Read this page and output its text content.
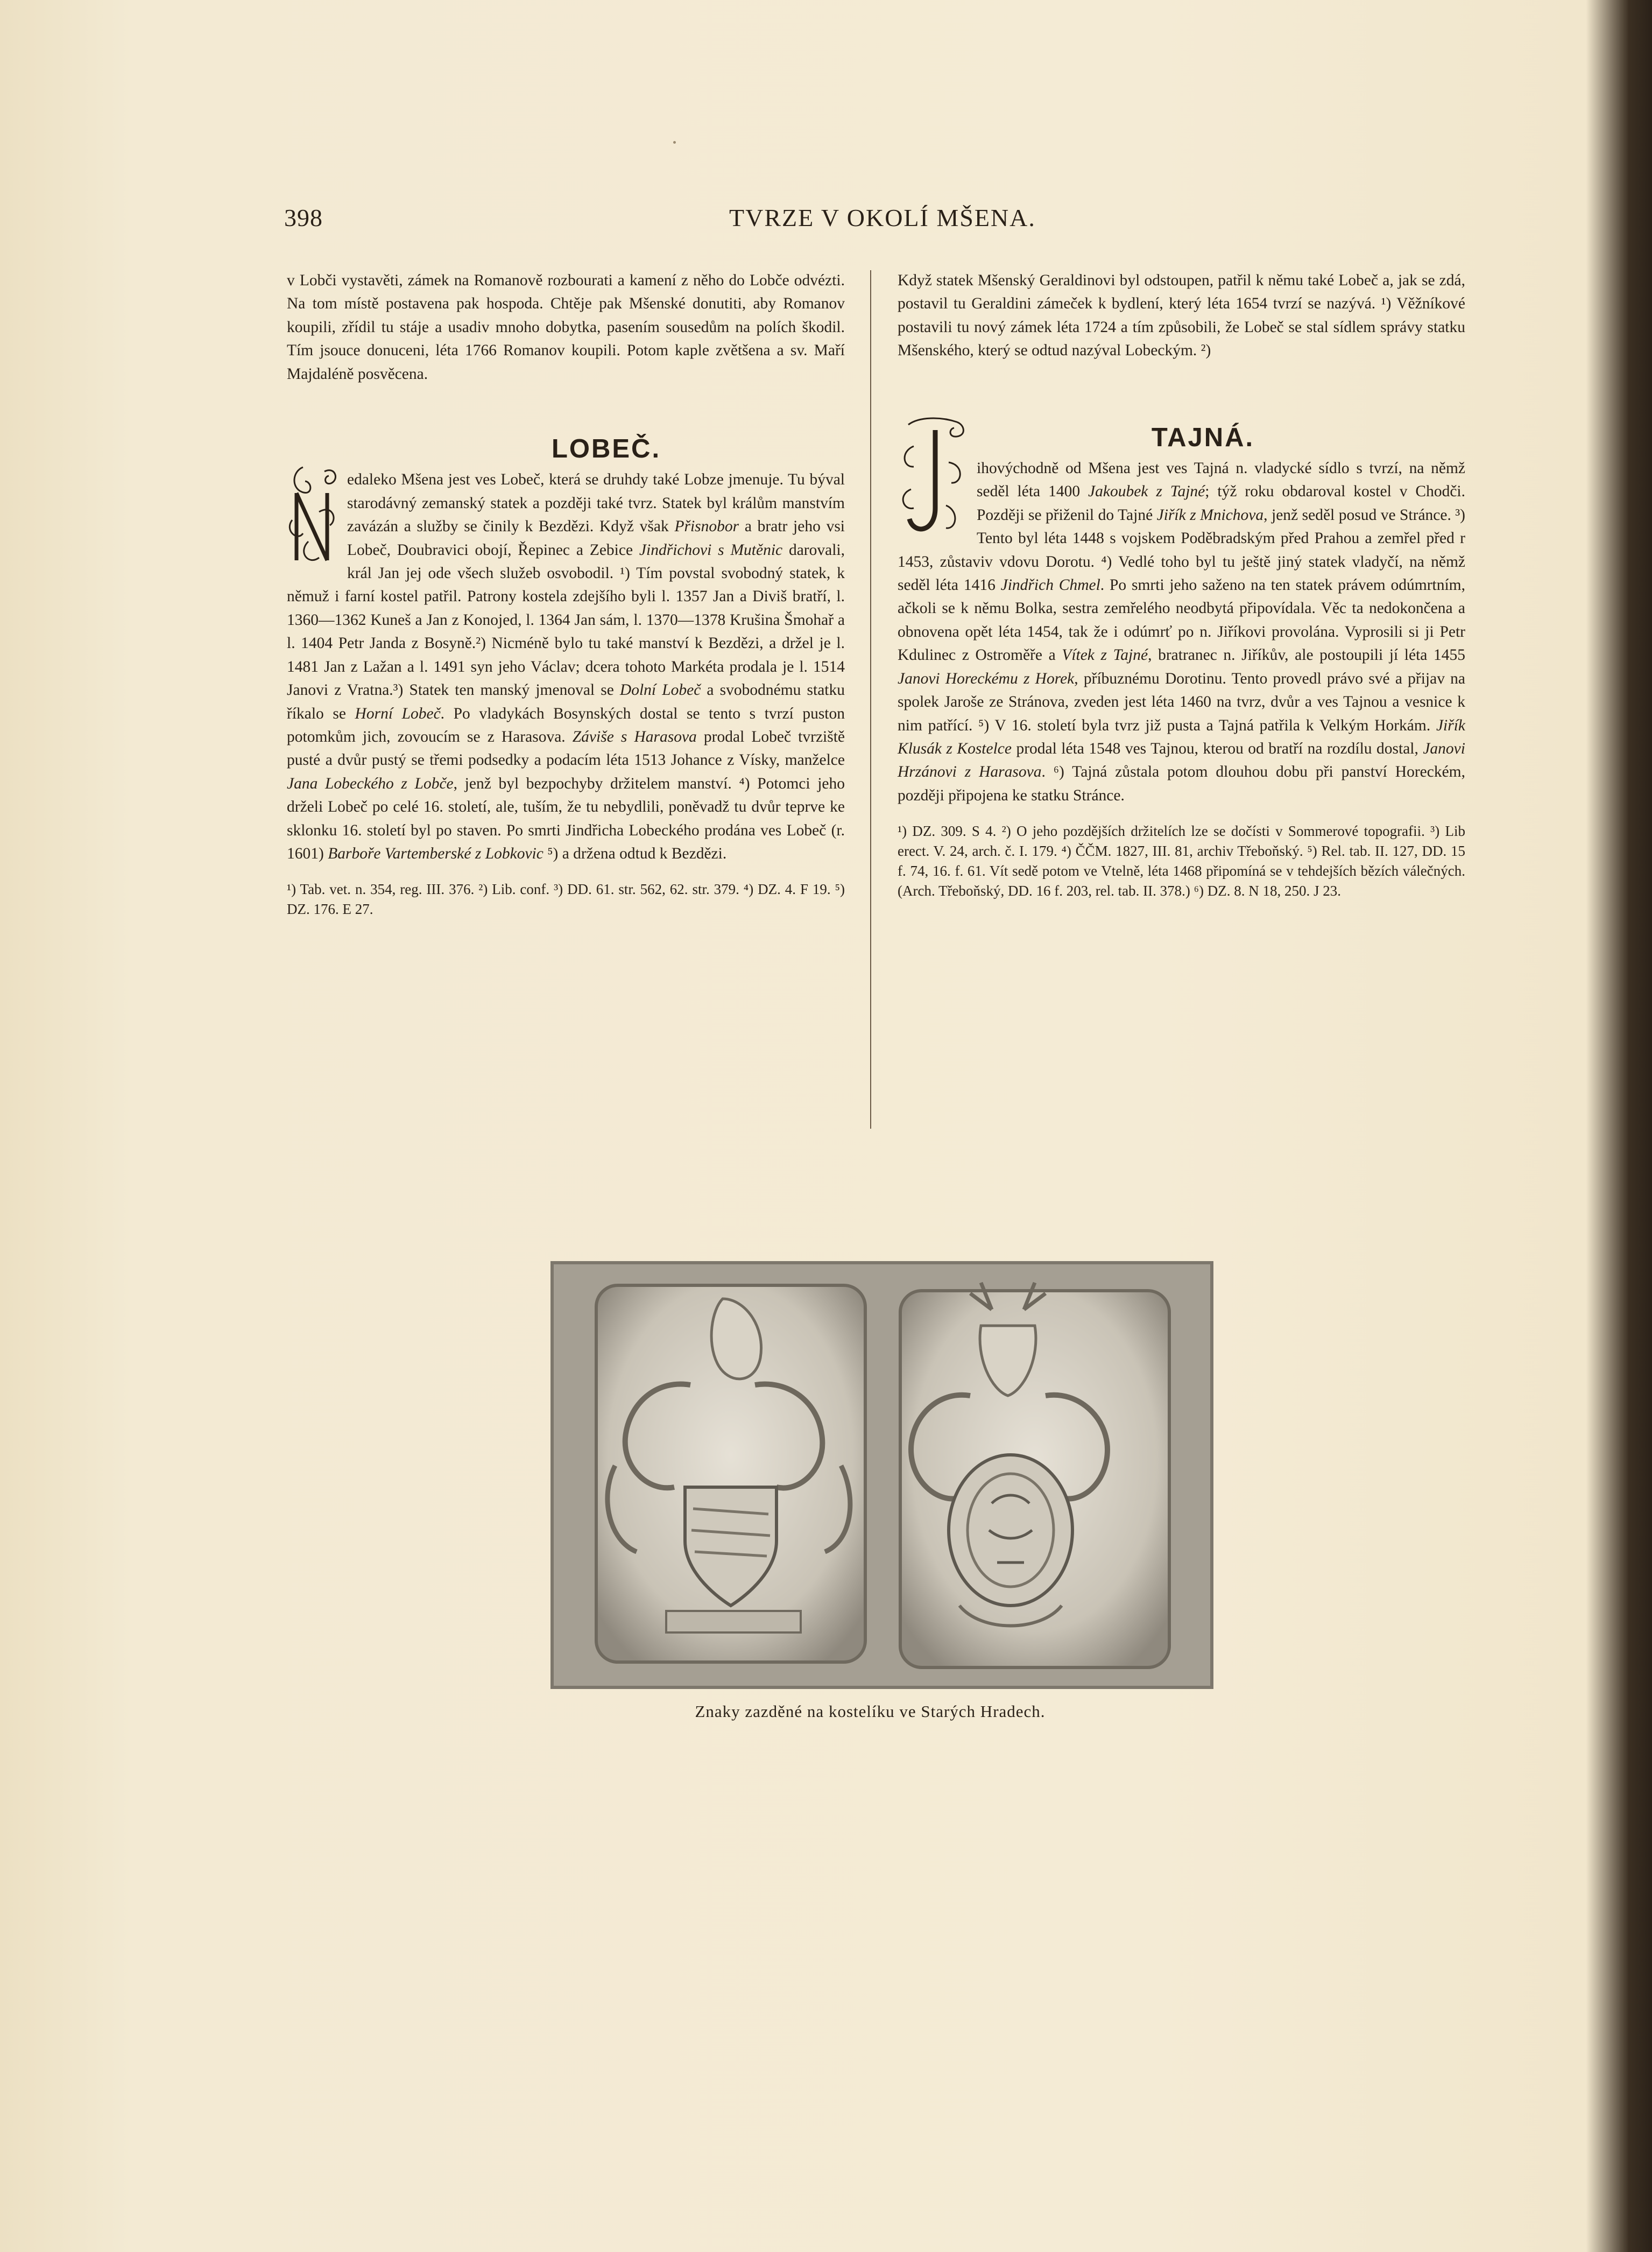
398	TVRZE V OKOLÍ MŠENA.

v Lobči vystavěti, zámek na Romanově rozbourati a kamení z něho do Lobče odvézti. Na tom místě postavena pak hospoda. Chtěje pak Mšenské donutiti, aby Romanov koupili, zřídil tu stáje a usadiv mnoho dobytka, pasením sousedům na polích škodil. Tím jsouce donuceni, léta 1766 Romanov koupili. Potom kaple zvětšena a sv. Maří Majdaléně posvěcena.

LOBEČ.

edaleko Mšena jest ves Lobeč, která se druhdy také Lobze jmenuje. Tu býval starodávný zemanský statek a později také tvrz. Statek byl králům manstvím zavázán a služby se činily k Bezdězi. Když však Přisnobor a bratr jeho vsi Lobeč, Doubravici obojí, Řepinec a Zebice Jindřichovi s Mutěnic darovali, král Jan jej ode všech služeb osvobodil. ¹) Tím povstal svobodný statek, k němuž i farní kostel patřil. Patrony kostela zdejšího byli l. 1357 Jan a Diviš bratří, l. 1360—1362 Kuneš a Jan z Konojed, l. 1364 Jan sám, l. 1370—1378 Krušina Šmohař a l. 1404 Petr Janda z Bosyně.²) Nicméně bylo tu také manství k Bezdězi, a držel je l. 1481 Jan z Lažan a l. 1491 syn jeho Václav; dcera tohoto Markéta prodala je l. 1514 Janovi z Vratna.³) Statek ten manský jmenoval se Dolní Lobeč a svobodnému statku říkalo se Horní Lobeč. Po vladykách Bosynských dostal se tento s tvrzí puston potomkům jich, zovoucím se z Harasova. Záviše s Harasova prodal Lobeč tvrziště pusté a dvůr pustý se třemi podsedky a podacím léta 1513 Johance z Vísky, manželce Jana Lobeckého z Lobče, jenž byl bezpochyby držitelem manství. ⁴) Potomci jeho drželi Lobeč po celé 16. století, ale, tuším, že tu nebydlili, poněvadž tu dvůr teprve ke sklonku 16. století byl po staven. Po smrti Jindřicha Lobeckého prodána ves Lobeč (r. 1601) Barboře Vartemberské z Lobkovic ⁵) a držena odtud k Bezdězi.

¹) Tab. vet. n. 354, reg. III. 376. ²) Lib. conf. ³) DD. 61. str. 562, 62. str. 379. ⁴) DZ. 4. F 19. ⁵) DZ. 176. E 27.

Když statek Mšenský Geraldinovi byl odstoupen, patřil k němu také Lobeč a, jak se zdá, postavil tu Geraldini zámeček k bydlení, který léta 1654 tvrzí se nazývá. ¹) Věžníkové postavili tu nový zámek léta 1724 a tím způsobili, že Lobeč se stal sídlem správy statku Mšenského, který se odtud nazýval Lobeckým. ²)

TAJNÁ.

ihovýchodně od Mšena jest ves Tajná n. vladycké sídlo s tvrzí, na němž seděl léta 1400 Jakoubek z Tajné; týž roku obdaroval kostel v Chodči. Později se přiženil do Tajné Jiřík z Mnichova, jenž seděl posud ve Stránce. ³) Tento byl léta 1448 s vojskem Poděbradským před Prahou a zemřel před r 1453, zůstaviv vdovu Dorotu. ⁴) Vedlé toho byl tu ještě jiný statek vladyčí, na němž seděl léta 1416 Jindřich Chmel. Po smrti jeho saženo na ten statek právem odúmrtním, ačkoli se k němu Bolka, sestra zemřelého neodbytá připovídala. Věc ta nedokončena a obnovena opět léta 1454, tak že i odúmrť po n. Jiříkovi provolána. Vyprosili si ji Petr Kdulinec z Ostroměře a Vítek z Tajné, bratranec n. Jiříkův, ale postoupili jí léta 1455 Janovi Horeckému z Horek, příbuznému Dorotinu. Tento provedl právo své a přijav na spolek Jaroše ze Stránova, zveden jest léta 1460 na tvrz, dvůr a ves Tajnou a vesnice k nim patřící. ⁵) V 16. století byla tvrz již pusta a Tajná patřila k Velkým Horkám. Jiřík Klusák z Kostelce prodal léta 1548 ves Tajnou, kterou od bratří na rozdílu dostal, Janovi Hrzánovi z Harasova. ⁶) Tajná zůstala potom dlouhou dobu při panství Horeckém, později připojena ke statku Stránce.

¹) DZ. 309. S 4. ²) O jeho pozdějších držitelích lze se dočísti v Sommerové topografii. ³) Lib erect. V. 24, arch. č. I. 179. ⁴) ČČM. 1827, III. 81, archiv Třeboňský. ⁵) Rel. tab. II. 127, DD. 15 f. 74, 16. f. 61. Vít sedě potom ve Vtelně, léta 1468 připomíná se v tehdejších bězích válečných. (Arch. Třeboňský, DD. 16 f. 203, rel. tab. II. 378.) ⁶) DZ. 8. N 18, 250. J 23.

Znaky zazděné na kostelíku ve Starých Hradech.
